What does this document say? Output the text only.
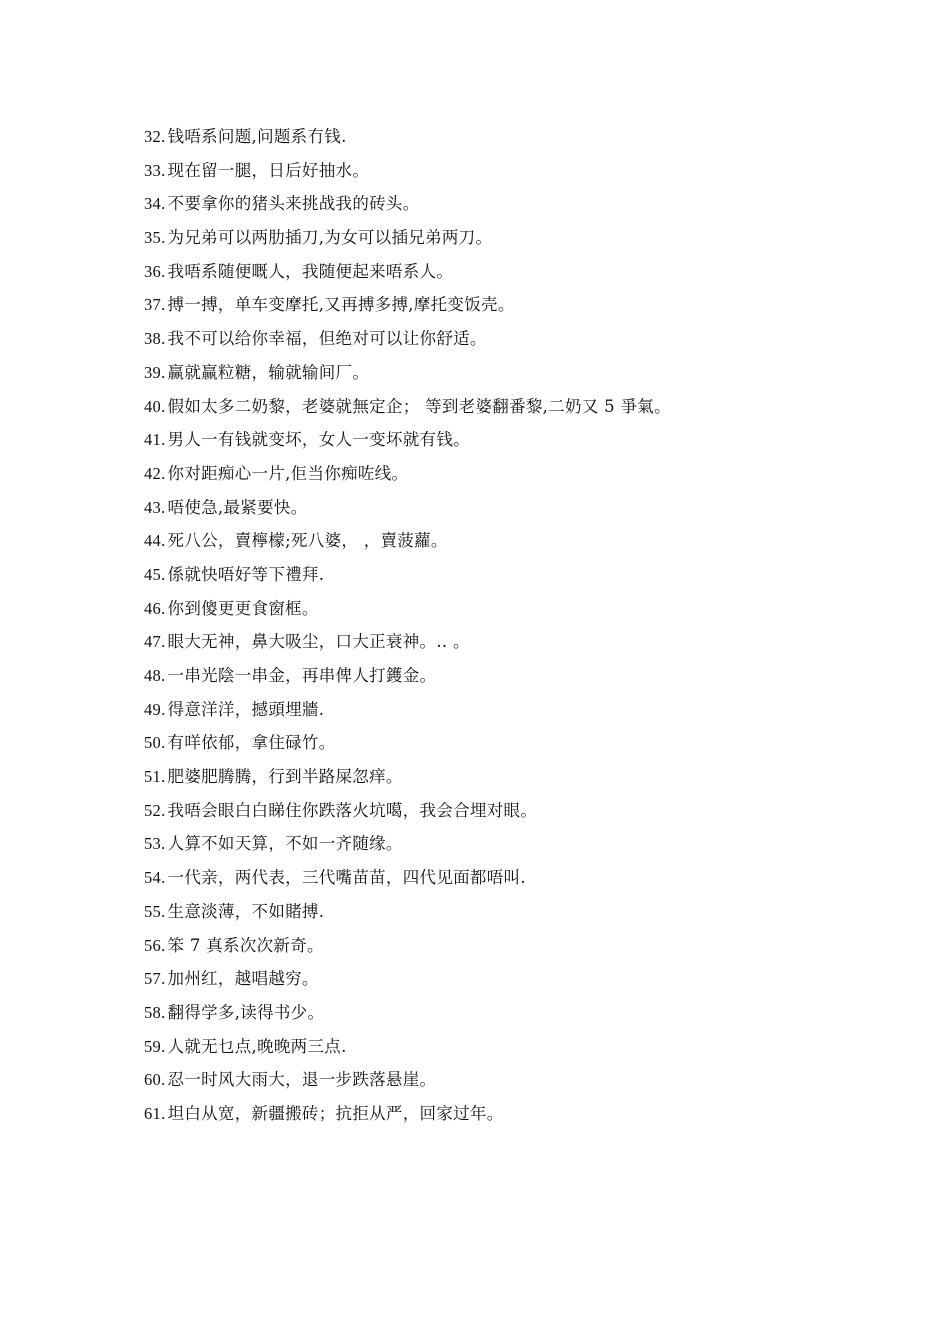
32. 钱唔系问题,问题系冇钱.
33. 现在留一腿，日后好抽水。
34. 不要拿你的猪头来挑战我的砖头。
35. 为兄弟可以两肋插刀,为女可以插兄弟两刀。
36. 我唔系随便嘅人，我随便起来唔系人。
37. 搏一搏，单车变摩托,又再搏多搏,摩托变饭壳。
38. 我不可以给你幸福，但绝对可以让你舒适。
39. 赢就赢粒糖，输就输间厂。
40. 假如太多二奶黎，老婆就無定企； 等到老婆翻番黎,二奶又 5 爭氣。
41. 男人一有钱就变坏，女人一变坏就有钱。
42. 你对距痴心一片,佢当你痴咗线。
43. 唔使急,最紧要快。
44. 死八公，賣檸檬;死八婆， ，賣菠蘿。
45. 係就快唔好等下禮拜.
46. 你到傻更更食窗框。
47. 眼大无神，鼻大吸尘，口大正衰神。.. 。
48. 一串光陰一串金，再串俾人打鑊金。
49. 得意洋洋，撼頭埋牆.
50. 有咩依郁，拿住碌竹。
51. 肥婆肥腾腾，行到半路屎忽痒。
52. 我唔会眼白白睇住你跌落火坑噶，我会合埋对眼。
53. 人算不如天算，不如一齐随缘。
54. 一代亲，两代表，三代嘴苗苗，四代见面都唔叫.
55. 生意淡薄，不如賭搏.
56. 笨 7 真系次次新奇。
57. 加州红，越唱越穷。
58. 翻得学多,读得书少。
59. 人就无乜点,晚晚两三点.
60. 忍一时风大雨大，退一步跌落悬崖。
61. 坦白从宽，新疆搬砖；抗拒从严，回家过年。
